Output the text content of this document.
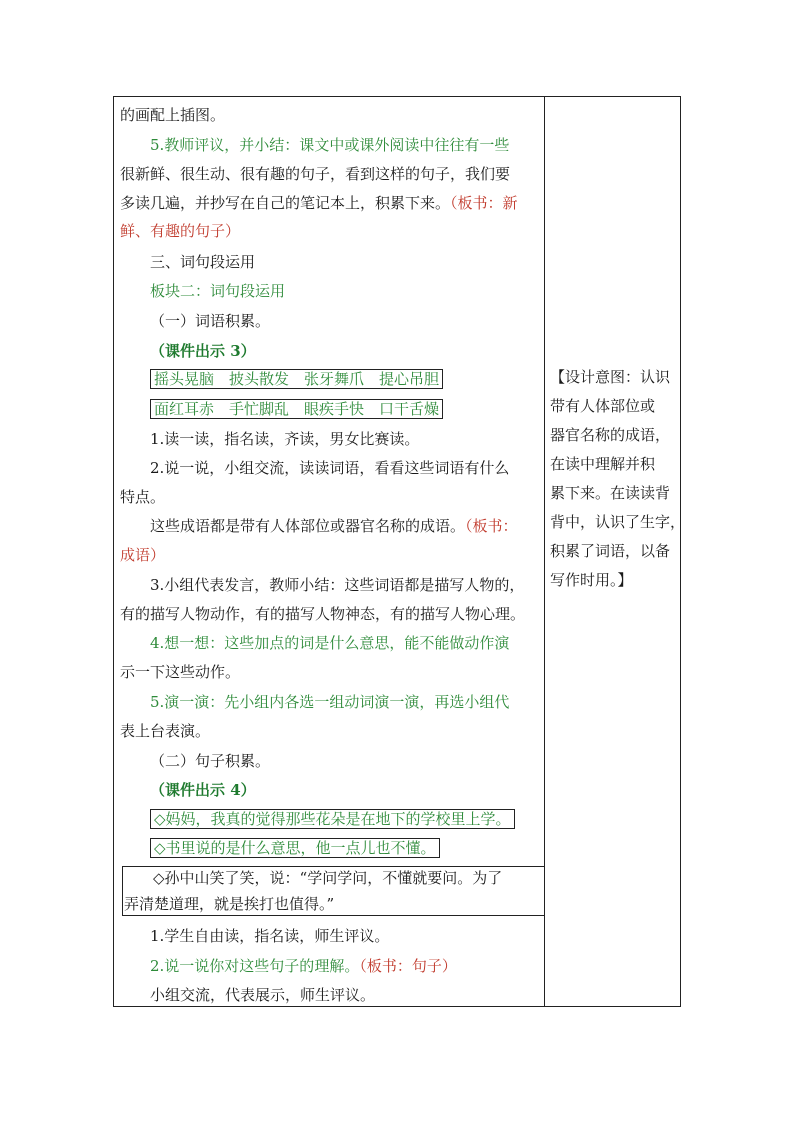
的画配上插图。
5.教师评议，并小结：课文中或课外阅读中往往有一些
很新鲜、很生动、很有趣的句子，看到这样的句子，我们要
多读几遍，并抄写在自己的笔记本上，积累下来。（板书：新
鲜、有趣的句子）
三、词句段运用
板块二：词句段运用
（一）词语积累。
（课件出示 3）
摇头晃脑　披头散发　张牙舞爪　提心吊胆
面红耳赤　手忙脚乱　眼疾手快　口干舌燥
1.读一读，指名读，齐读，男女比赛读。
2.说一说，小组交流，读读词语，看看这些词语有什么
特点。
这些成语都是带有人体部位或器官名称的成语。（板书：
成语）
3.小组代表发言，教师小结：这些词语都是描写人物的，
有的描写人物动作，有的描写人物神态，有的描写人物心理。
4.想一想：这些加点的词是什么意思，能不能做动作演
示一下这些动作。
5.演一演：先小组内各选一组动词演一演，再选小组代
表上台表演。
（二）句子积累。
（课件出示 4）
◇妈妈，我真的觉得那些花朵是在地下的学校里上学。
◇书里说的是什么意思，他一点儿也不懂。
◇孙中山笑了笑，说：“学问学问，不懂就要问。为了
弄清楚道理，就是挨打也值得。”
1.学生自由读，指名读，师生评议。
2.说一说你对这些句子的理解。（板书：句子）
小组交流，代表展示，师生评议。
【设计意图：认识
带有人体部位或
器官名称的成语，
在读中理解并积
累下来。在读读背
背中，认识了生字，
积累了词语，以备
写作时用。】
